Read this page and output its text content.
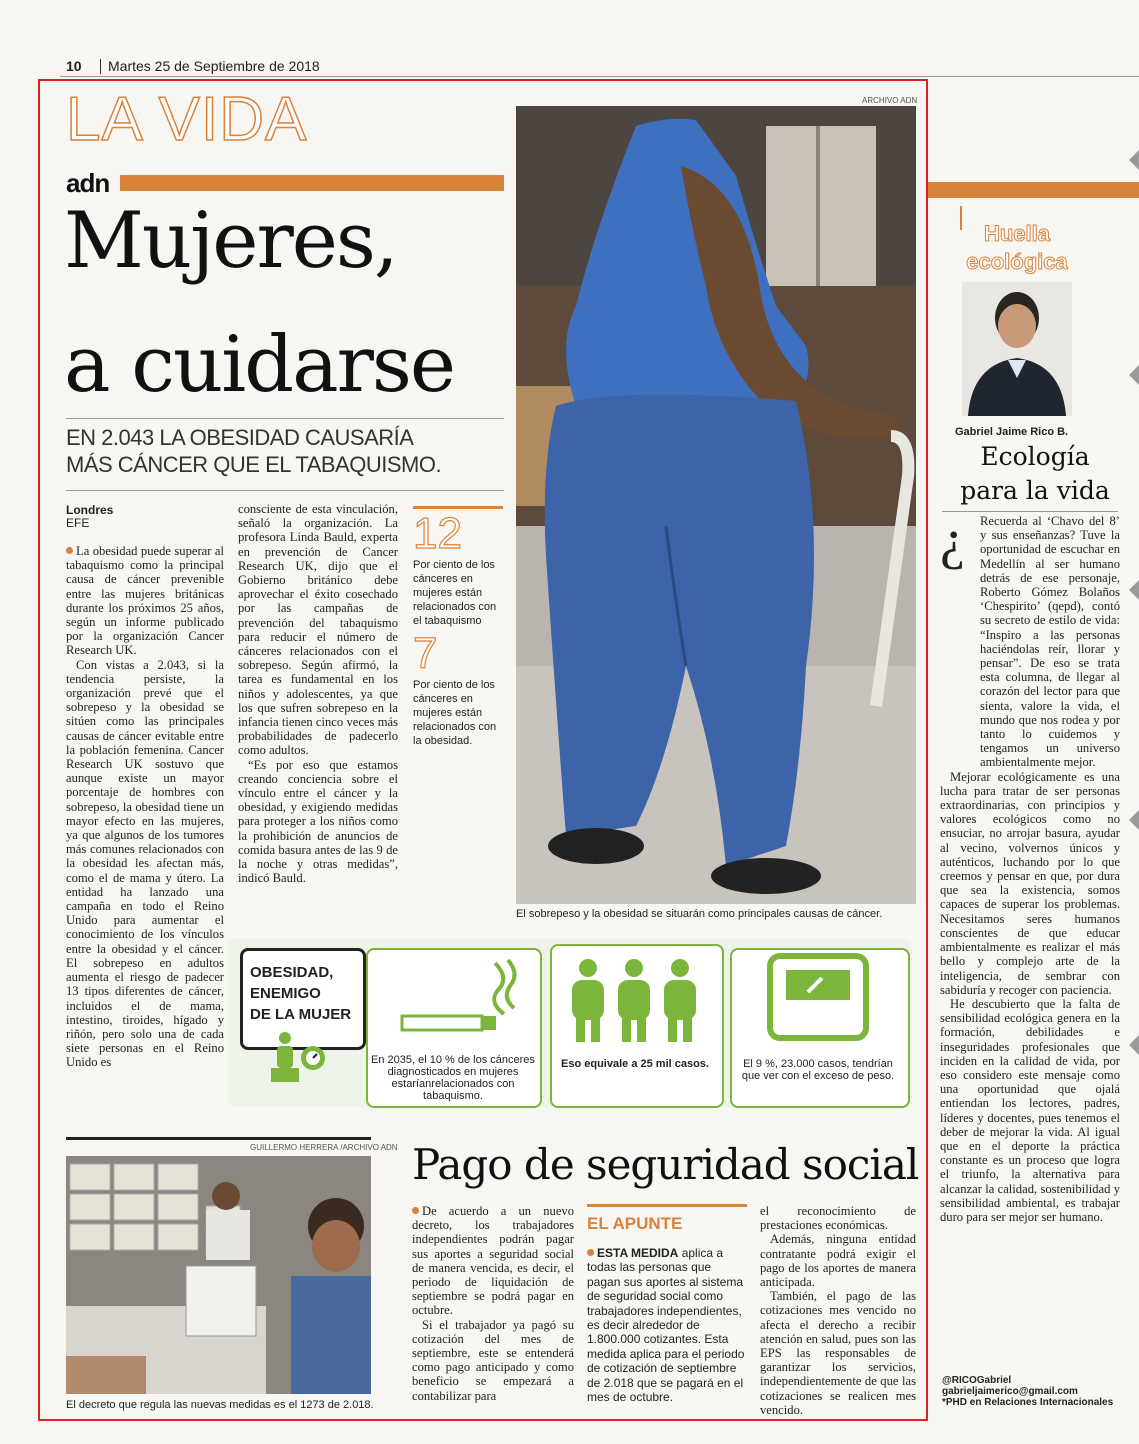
10 Martes 25 de Septiembre de 2018
LA VIDA
adn
Mujeres,
a cuidarse
EN 2.043 LA OBESIDAD CAUSARÍA
MÁS CÁNCER QUE EL TABAQUISMO.
Londres
EFE

La obesidad puede superar al tabaquismo como la principal causa de cáncer prevenible entre las mujeres británicas durante los próximos 25 años, según un informe publicado por la organización Cancer Research UK.

Con vistas a 2.043, si la tendencia persiste, la organización prevé que el sobrepeso y la obesidad se sitúen como las principales causas de cáncer evitable entre la población femenina. Cancer Research UK sostuvo que aunque existe un mayor porcentaje de hombres con sobrepeso, la obesidad tiene un mayor efecto en las mujeres, ya que algunos de los tumores más comunes relacionados con la obesidad les afectan más, como el de mama y útero. La entidad ha lanzado una campaña en todo el Reino Unido para aumentar el conocimiento de los vínculos entre la obesidad y el cáncer. El sobrepeso en adultos aumenta el riesgo de padecer 13 tipos diferentes de cáncer, incluidos el de mama, intestino, tiroides, hígado y riñón, pero solo una de cada siete personas en el Reino Unido es

consciente de esta vinculación, señaló la organización. La profesora Linda Bauld, experta en prevención de Cancer Research UK, dijo que el Gobierno británico debe aprovechar el éxito cosechado por las campañas de prevención del tabaquismo para reducir el número de cánceres relacionados con el sobrepeso. Según afirmó, la tarea es fundamental en los niños y adolescentes, ya que los que sufren sobrepeso en la infancia tienen cinco veces más probabilidades de padecerlo como adultos.

“Es por eso que estamos creando conciencia sobre el vínculo entre el cáncer y la obesidad, y exigiendo medidas para proteger a los niños como la prohibición de anuncios de comida basura antes de las 9 de la noche y otras medidas”, indicó Bauld.

12
Por ciento de los cánceres en mujeres están relacionados con el tabaquismo
7
Por ciento de los cánceres en mujeres están relacionados con la obesidad.
ARCHIVO ADN
El sobrepeso y la obesidad se situarán como principales causas de cáncer.
OBESIDAD,
ENEMIGO
DE LA MUJER
En 2035, el 10 % de los cánceres diagnosticados en mujeres estaríanrelacionados con tabaquismo.
Eso equivale a 25 mil casos.	El 9 %, 23.000 casos, tendrían que ver con el exceso de peso.
GUILLERMO HERRERA /ARCHIVO ADN
El decreto que regula las nuevas medidas es el 1273 de 2.018.
Pago de seguridad social

De acuerdo a un nuevo decreto, los trabajadores independientes podrán pagar sus aportes a seguridad social de manera vencida, es decir, el periodo de liquidación de septiembre se podrá pagar en octubre.

Si el trabajador ya pagó su cotización del mes de septiembre, este se entenderá como pago anticipado y como beneficio se empezará a contabilizar para

EL APUNTE
ESTA MEDIDA aplica a todas las personas que pagan sus aportes al sistema de seguridad social como trabajadores independientes, es decir alrededor de 1.800.000 cotizantes. Esta medida aplica para el periodo de cotización de septiembre de 2.018 que se pagará en el mes de octubre.

el reconocimiento de prestaciones económicas.

Además, ninguna entidad contratante podrá exigir el pago de los aportes de manera anticipada.

También, el pago de las cotizaciones mes vencido no afecta el derecho a recibir atención en salud, pues son las EPS las responsables de garantizar los servicios, independientemente de que las cotizaciones se realicen mes vencido.

Huella
ecológica
Gabriel Jaime Rico B.
Ecología
para la vida
¿	Recuerda al ‘Chavo del 8’ y sus enseñanzas? Tuve la oportunidad de escuchar en Medellín al ser humano detrás de ese personaje, Roberto Gómez Bolaños ‘Chespirito’ (qepd), contó su secreto de estilo de vida: “Inspiro a las personas haciéndolas reír, llorar y pensar”. De eso se trata esta columna, de llegar al corazón del lector para que sienta, valore la vida, el mundo que nos rodea y por tanto lo cuidemos y tengamos un universo ambientalmente mejor.

Mejorar ecológicamente es una lucha para tratar de ser personas extraordinarias, con principios y valores ecológicos como no ensuciar, no arrojar basura, ayudar al vecino, volvernos únicos y auténticos, luchando por lo que creemos y pensar en que, por dura que sea la existencia, somos capaces de superar los problemas. Necesitamos seres humanos conscientes de que educar ambientalmente es realizar el más bello y complejo arte de la inteligencia, de sembrar con sabiduría y recoger con paciencia.

He descubierto que la falta de sensibilidad ecológica genera en la formación, debilidades e inseguridades profesionales que inciden en la calidad de vida, por eso considero este mensaje como una oportunidad que ojalá entiendan los lectores, padres, líderes y docentes, pues tenemos el deber de mejorar la vida. Al igual que en el deporte la práctica constante es un proceso que logra el triunfo, la alternativa para alcanzar la calidad, sostenibilidad y sensibilidad ambiental, es trabajar duro para ser mejor ser humano.

@RICOGabriel
gabrieljaimerico@gmail.com
*PHD en Relaciones Internacionales
